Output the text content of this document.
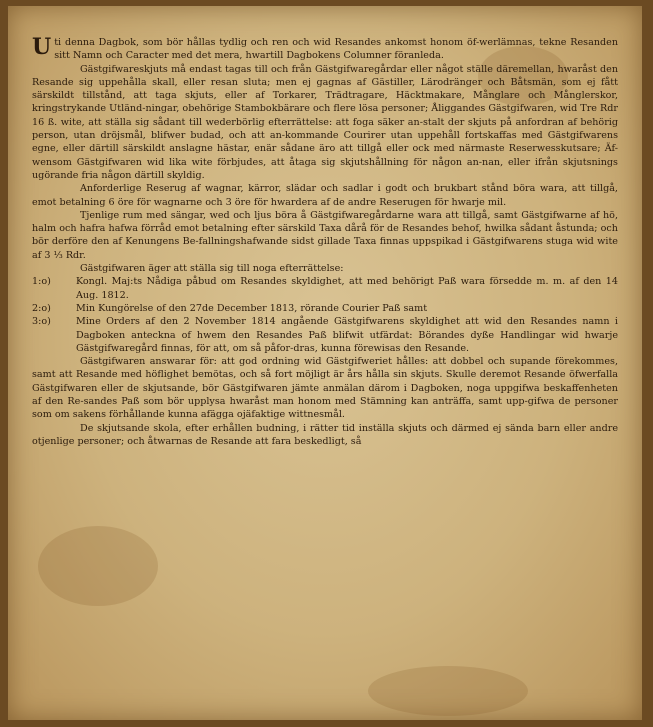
Uti denna Dagbok, som bör hållas tydlig och ren och wid Resandes ankomst honom öf-werlämnas, tekne Resanden sitt Namn och Caracter med det mera, hwartill Dagbokens Columner föranleda.

Gästgifwareskjuts må endast tagas till och från Gästgifwaregårdar eller något ställe däremellan, hwaråst den Resande sig uppehålla skall, eller resan sluta; men ej gagnas af Gästiller, Lärodränger och Båtsmän, som ej fått särskildt tillstånd, att taga skjuts, eller af Torkarer, Trädtragare, Häcktmakare, Månglare och Månglerskor, kringstrykande Utländ-ningar, obehörige Stambokbärare och flere lösa personer; Åliggandes Gästgifwaren, wid Tre Rdr 16 ß. wite, att ställa sig sådant till wederbörlig efterrättelse: att foga säker an-stalt der skjuts på anfordran af behörig person, utan dröjsmål, blifwer budad, och att an-kommande Courirer utan uppehåll fortskaffas med Gästgifwarens egne, eller därtill särskildt anslagne hästar, enär sådane äro att tillgå eller ock med närmaste Reserwesskutsare; Äf-wensom Gästgifwaren wid lika wite förbjudes, att åtaga sig skjutshållning för någon an-nan, eller ifrån skjutsnings ugörande fria någon därtill skyldig.

Anforderlige Reserug af wagnar, kärror, slädar och sadlar i godt och brukbart stånd böra wara, att tillgå, emot betalning 6 öre för wagnarne och 3 öre för hwardera af de andre Reserugen för hwarje mil.

Tjenlige rum med sängar, wed och ljus böra å Gästgifwaregårdarne wara att tillgå, samt Gästgifwarne af hö, halm och hafra hafwa förråd emot betalning efter särskild Taxa dårå för de Resandes behof, hwilka sådant åstunda; och bör derföre den af Kenungens Be-fallningshafwande sidst gillade Taxa finnas uppspikad i Gästgifwarens stuga wid wite af 3 ⅓ Rdr.

Gästgifwaren äger att ställa sig till noga efterrättelse:

1:o)	Kongl. Maj:ts Nådiga påbud om Resandes skyldighet, att med behörigt Paß wara försedde m. m. af den 14 Aug. 1812.
2:o)	Min Kungörelse of den 27de December 1813, rörande Courier Paß samt
3:o)	Mine Orders af den 2 November 1814 angående Gästgifwarens skyldighet att wid den Resandes namn i Dagboken anteckna of hwem den Resandes Paß blifwit utfärdat: Börandes dyße Handlingar wid hwarje Gästgifwaregård finnas, för att, om så påfor-dras, kunna förewisas den Resande.

Gästgifwaren answarar för: att god ordning wid Gästgifweriet hålles: att dobbel och supande förekommes, samt att Resande med höflighet bemötas, och så fort möjligt är års hålla sin skjuts. Skulle deremot Resande öfwerfalla Gästgifwaren eller de skjutsande, bör Gästgifwaren jämte anmälan därom i Dagboken, noga uppgifwa beskaffenheten af den Re-sandes Paß som bör upplysa hwaråst man honom med Stämning kan anträffa, samt upp-gifwa de personer som om sakens förhållande kunna afägga ojäfaktige wittnesmål.

De skjutsande skola, efter erhållen budning, i rätter tid inställa skjuts och därmed ej sända barn eller andre otjenlige personer; och åtwarnas de Resande att fara beskedligt, så
